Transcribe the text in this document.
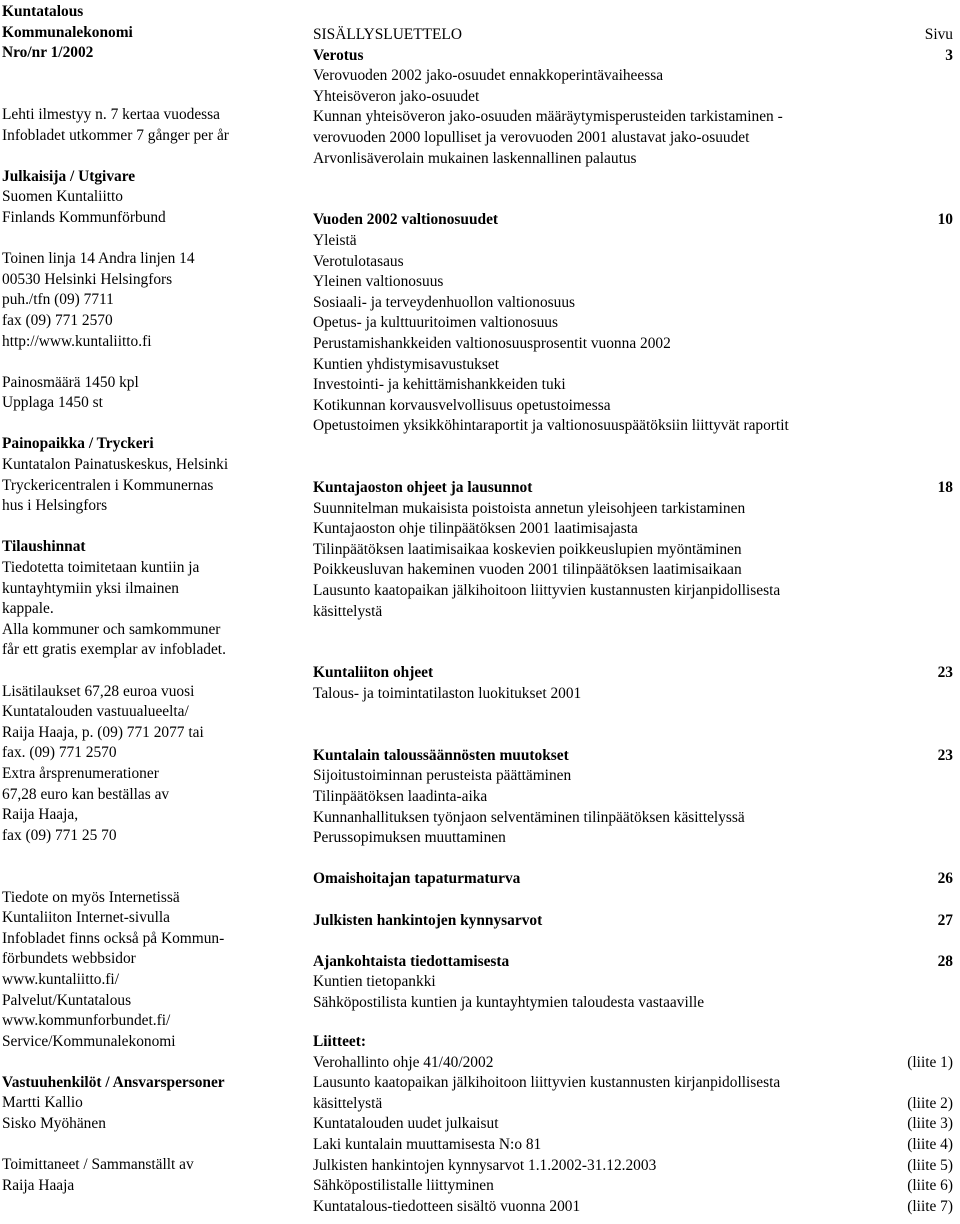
Kuntatalous
Kommunalekonomi
Nro/nr 1/2002
Lehti ilmestyy n. 7 kertaa vuodessa
Infobladet utkommer 7 gånger per år
Julkaisija / Utgivare
Suomen Kuntaliitto
Finlands Kommunförbund
Toinen linja 14 Andra linjen 14
00530 Helsinki Helsingfors
puh./tfn (09) 7711
fax (09) 771 2570
http://www.kuntaliitto.fi
Painosmäärä 1450 kpl
Upplaga 1450 st
Painopaikka / Tryckeri
Kuntatalon Painatuskeskus, Helsinki
Tryckericentralen i Kommunernas
hus i Helsingfors
Tilaushinnat
Tiedotetta toimitetaan kuntiin ja
kuntayhtymiin yksi ilmainen
kappale.
Alla kommuner och samkommuner
får ett gratis exemplar av infobladet.
Lisätilaukset 67,28 euroa vuosi
Kuntatalouden vastuualueelta/
Raija Haaja, p. (09) 771 2077 tai
fax. (09) 771 2570
Extra årsprenumerationer
67,28 euro kan beställas av
Raija Haaja,
fax (09) 771 25 70
Tiedote on myös Internetissä
Kuntaliiton Internet-sivulla
Infobladet finns också på Kommun-
förbundets webbsidor
www.kuntaliitto.fi/
Palvelut/Kuntatalous
www.kommunforbundet.fi/
Service/Kommunalekonomi
Vastuuhenkilöt / Ansvarspersoner
Martti Kallio
Sisko Myöhänen
Toimittaneet / Sammanställt av
Raija Haaja
SISÄLLYSLUETTELO	Sivu
Verotus	3
Verovuoden 2002 jako-osuudet ennakkoperintävaiheessa
Yhteisöveron jako-osuudet
Kunnan yhteisöveron jako-osuuden määräytymisperusteiden tarkistaminen -
verovuoden 2000 lopulliset ja verovuoden 2001 alustavat jako-osuudet
Arvonlisäverolain mukainen laskennallinen palautus
Vuoden 2002 valtionosuudet	10
Yleistä
Verotulotasaus
Yleinen valtionosuus
Sosiaali- ja terveydenhuollon valtionosuus
Opetus- ja kulttuuritoimen valtionosuus
Perustamishankkeiden valtionosuusprosentit vuonna 2002
Kuntien yhdistymisavustukset
Investointi- ja kehittämishankkeiden tuki
Kotikunnan korvausvelvollisuus opetustoimessa
Opetustoimen yksikköhintaraportit ja valtionosuuspäätöksiin liittyvät raportit
Kuntajaoston ohjeet ja lausunnot	18
Suunnitelman mukaisista poistoista annetun yleisohjeen tarkistaminen
Kuntajaoston ohje tilinpäätöksen 2001 laatimisajasta
Tilinpäätöksen laatimisaikaa koskevien poikkeuslupien myöntäminen
Poikkeusluvan hakeminen vuoden 2001 tilinpäätöksen laatimisaikaan
Lausunto kaatopaikan jälkihoitoon liittyvien kustannusten kirjanpidollisesta
käsittelystä
Kuntaliiton ohjeet	23
Talous- ja toimintatilaston luokitukset 2001
Kuntalain taloussäännösten muutokset	23
Sijoitustoiminnan perusteista päättäminen
Tilinpäätöksen laadinta-aika
Kunnanhallituksen työnjaon selventäminen tilinpäätöksen käsittelyssä
Perussopimuksen muuttaminen
Omaishoitajan tapaturmaturva	26
Julkisten hankintojen kynnysarvot	27
Ajankohtaista tiedottamisesta	28
Kuntien tietopankki
Sähköpostilista kuntien ja kuntayhtymien taloudesta vastaaville
Liitteet:
Verohallinto ohje 41/40/2002	(liite 1)
Lausunto kaatopaikan jälkihoitoon liittyvien kustannusten kirjanpidollisesta
käsittelystä	(liite 2)
Kuntatalouden uudet julkaisut	(liite 3)
Laki kuntalain muuttamisesta N:o 81	(liite 4)
Julkisten hankintojen kynnysarvot 1.1.2002-31.12.2003	(liite 5)
Sähköpostilistalle liittyminen	(liite 6)
Kuntatalous-tiedotteen sisältö vuonna 2001	(liite 7)
